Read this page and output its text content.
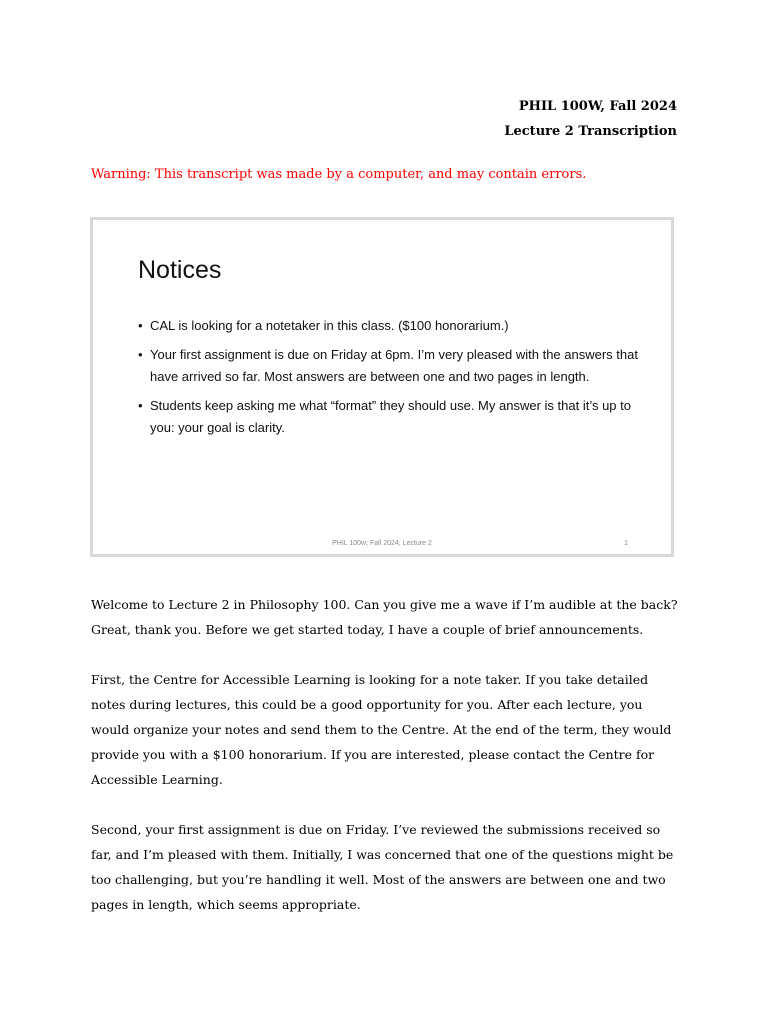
PHIL 100W, Fall 2024
Lecture 2 Transcription
Warning: This transcript was made by a computer, and may contain errors.
Notices
• CAL is looking for a notetaker in this class. ($100 honorarium.)
• Your first assignment is due on Friday at 6pm. I’m very pleased with the answers that have arrived so far. Most answers are between one and two pages in length.
• Students keep asking me what “format” they should use. My answer is that it’s up to you: your goal is clarity.
PHIL 100w; Fall 2024; Lecture 2	1

Welcome to Lecture 2 in Philosophy 100. Can you give me a wave if I’m audible at the back? Great, thank you. Before we get started today, I have a couple of brief announcements.

First, the Centre for Accessible Learning is looking for a note taker. If you take detailed notes during lectures, this could be a good opportunity for you. After each lecture, you would organize your notes and send them to the Centre. At the end of the term, they would provide you with a $100 honorarium. If you are interested, please contact the Centre for Accessible Learning.

Second, your first assignment is due on Friday. I’ve reviewed the submissions received so far, and I’m pleased with them. Initially, I was concerned that one of the questions might be too challenging, but you’re handling it well. Most of the answers are between one and two pages in length, which seems appropriate.
